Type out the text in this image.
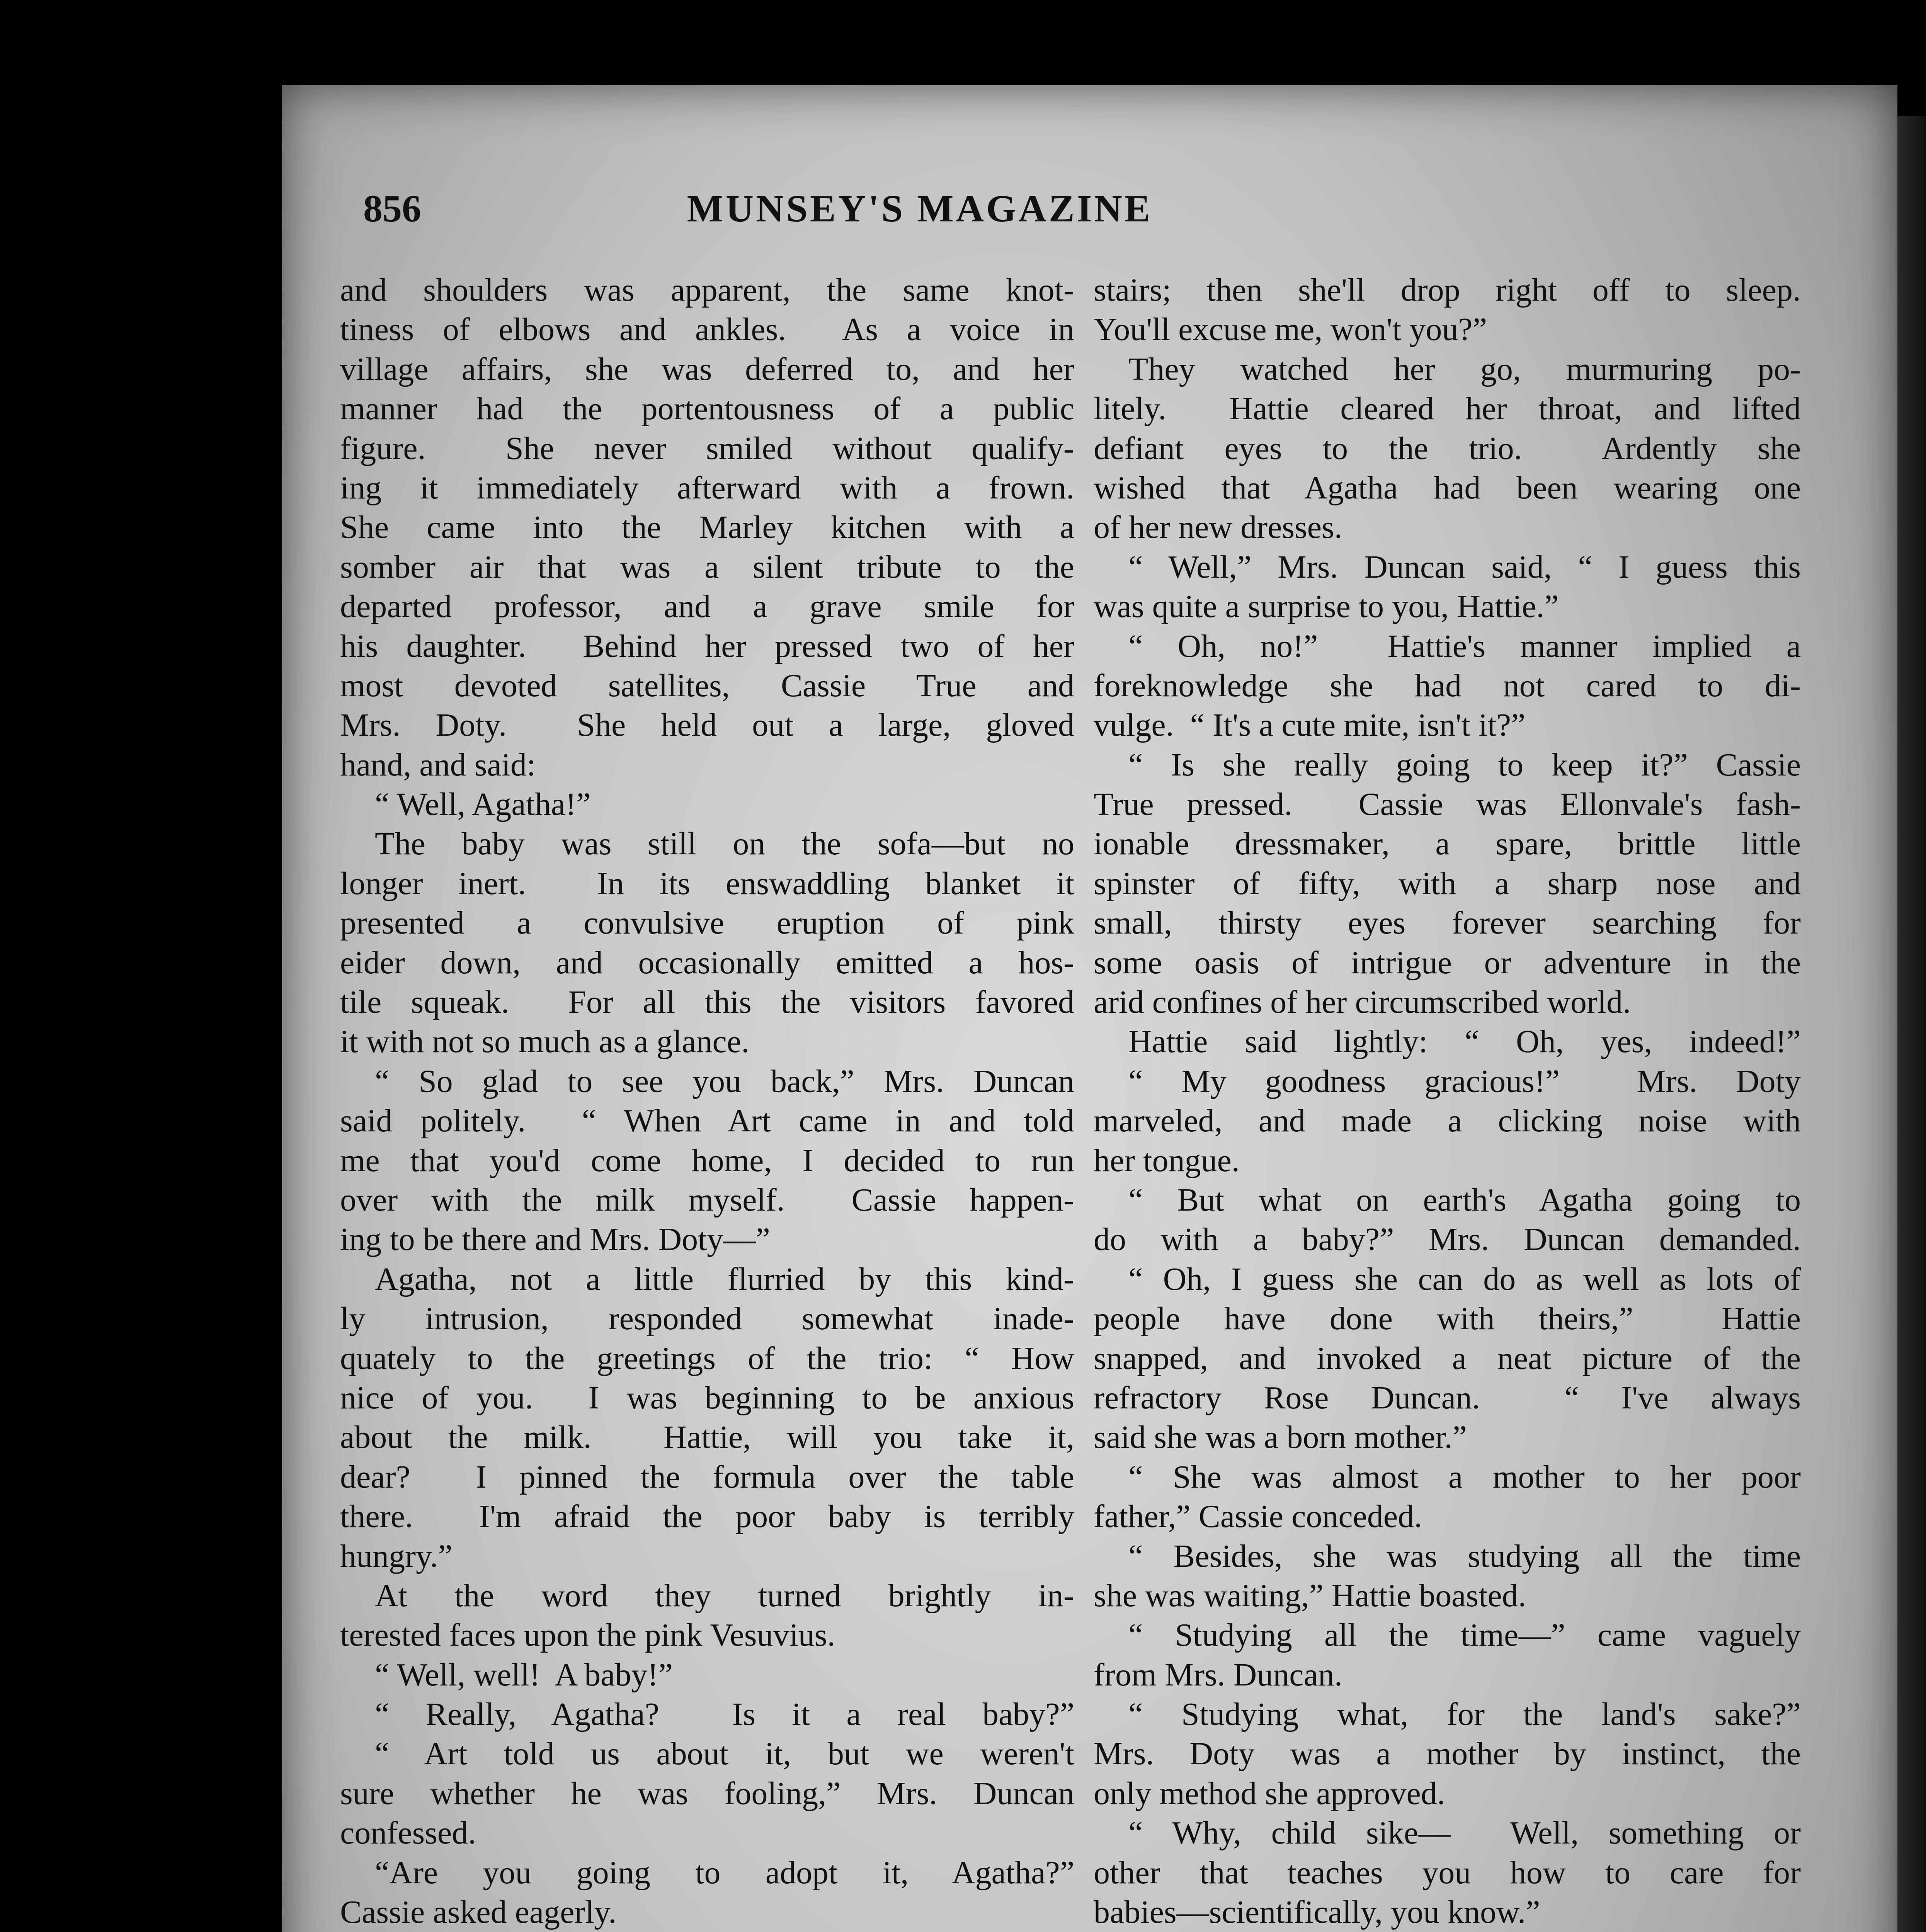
856	MUNSEY'S MAGAZINE
and shoulders was apparent, the same knot-
tiness of elbows and ankles.  As a voice in
village affairs, she was deferred to, and her
manner had the portentousness of a public
figure.  She never smiled without qualify-
ing it immediately afterward with a frown.
She came into the Marley kitchen with a
somber air that was a silent tribute to the
departed professor, and a grave smile for
his daughter.  Behind her pressed two of her
most devoted satellites, Cassie True and
Mrs. Doty.  She held out a large, gloved
hand, and said:
“ Well, Agatha!”
The baby was still on the sofa—but no
longer inert.  In its enswaddling blanket it
presented a convulsive eruption of pink
eider down, and occasionally emitted a hos-
tile squeak.  For all this the visitors favored
it with not so much as a glance.
“ So glad to see you back,” Mrs. Duncan
said politely.  “ When Art came in and told
me that you'd come home, I decided to run
over with the milk myself.  Cassie happen-
ing to be there and Mrs. Doty—”
Agatha, not a little flurried by this kind-
ly intrusion, responded somewhat inade-
quately to the greetings of the trio: “ How
nice of you.  I was beginning to be anxious
about the milk.  Hattie, will you take it,
dear?  I pinned the formula over the table
there.  I'm afraid the poor baby is terribly
hungry.”
At the word they turned brightly in-
terested faces upon the pink Vesuvius.
“ Well, well!  A baby!”
“ Really, Agatha?  Is it a real baby?”
“ Art told us about it, but we weren't
sure whether he was fooling,” Mrs. Duncan
confessed.
“Are you going to adopt it, Agatha?”
Cassie asked eagerly.
stairs; then she'll drop right off to sleep.
You'll excuse me, won't you?”
They watched her go, murmuring po-
litely.  Hattie cleared her throat, and lifted
defiant eyes to the trio.  Ardently she
wished that Agatha had been wearing one
of her new dresses.
“ Well,” Mrs. Duncan said, “ I guess this
was quite a surprise to you, Hattie.”
“ Oh, no!”  Hattie's manner implied a
foreknowledge she had not cared to di-
vulge.  “ It's a cute mite, isn't it?”
“ Is she really going to keep it?” Cassie
True pressed.  Cassie was Ellonvale's fash-
ionable dressmaker, a spare, brittle little
spinster of fifty, with a sharp nose and
small, thirsty eyes forever searching for
some oasis of intrigue or adventure in the
arid confines of her circumscribed world.
Hattie said lightly: “ Oh, yes, indeed!”
“ My goodness gracious!”  Mrs. Doty
marveled, and made a clicking noise with
her tongue.
“ But what on earth's Agatha going to
do with a baby?” Mrs. Duncan demanded.
“ Oh, I guess she can do as well as lots of
people have done with theirs,”  Hattie
snapped, and invoked a neat picture of the
refractory Rose Duncan.  “ I've always
said she was a born mother.”
“ She was almost a mother to her poor
father,” Cassie conceded.
“ Besides, she was studying all the time
she was waiting,” Hattie boasted.
“ Studying all the time—” came vaguely
from Mrs. Duncan.
“ Studying what, for the land's sake?”
Mrs. Doty was a mother by instinct, the
only method she approved.
“ Why, child sike—  Well, something or
other that teaches you how to care for
babies—scientifically, you know.”
